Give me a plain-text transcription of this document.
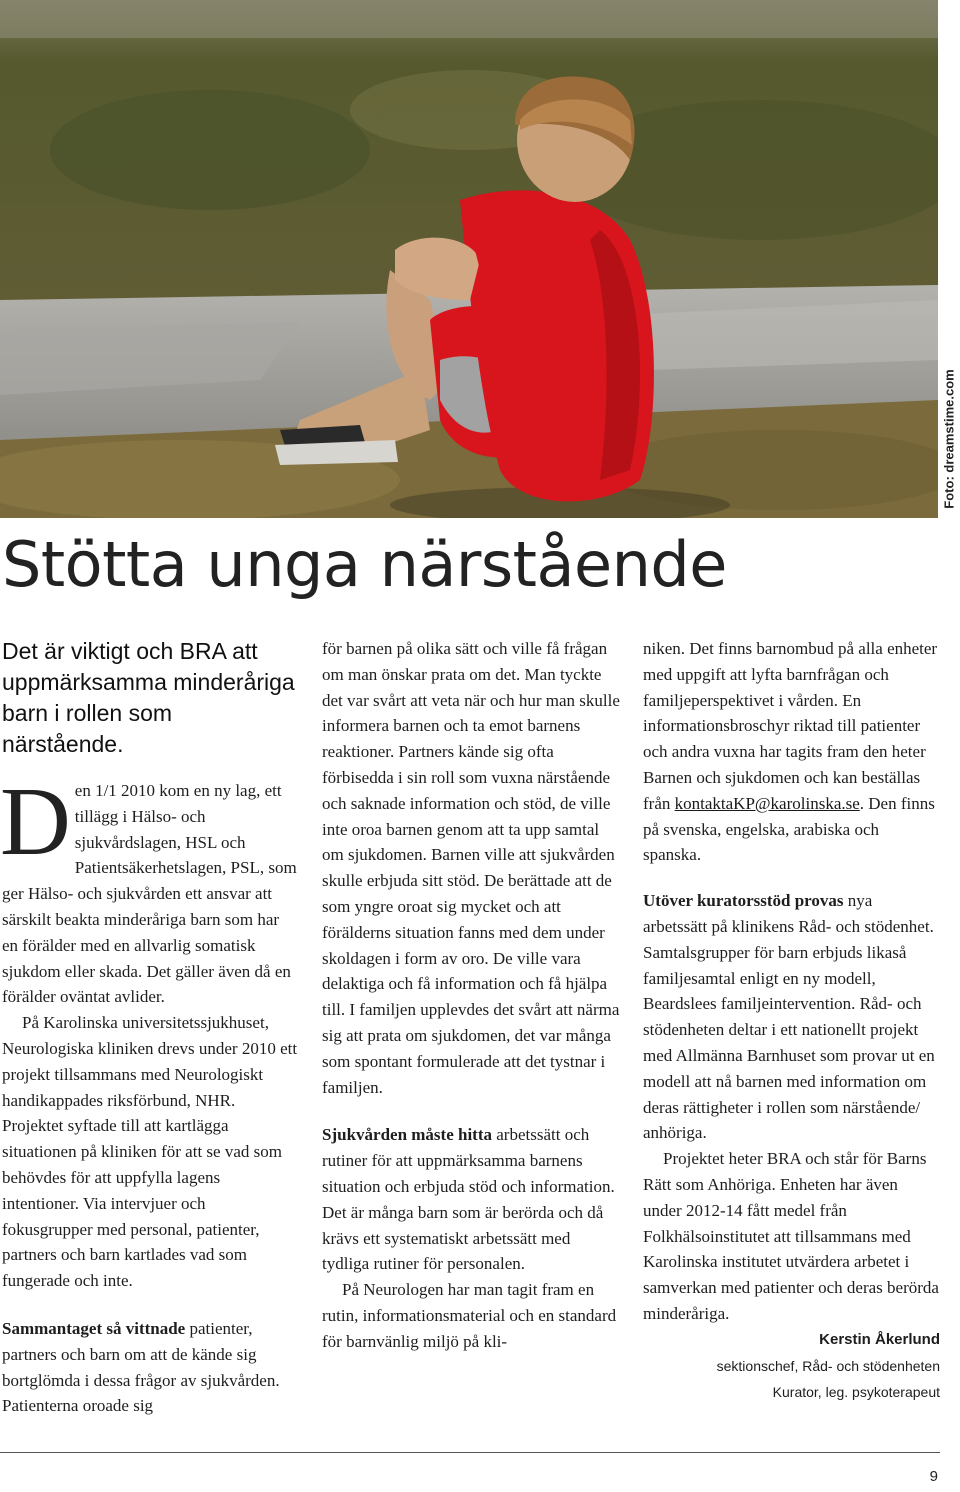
Foto: dreamstime.com
Stötta unga närstående

Det är viktigt och BRA att uppmärksamma minderåriga barn i rollen som närstående.

Den 1/1 2010 kom en ny lag, ett tillägg i Hälso- och sjukvårdslagen, HSL och Patientsäkerhetslagen, PSL, som ger Hälso- och sjukvården ett ansvar att särskilt beakta minderåriga barn som har en förälder med en allvarlig somatisk sjukdom eller skada. Det gäller även då en förälder oväntat avlider.

På Karolinska universitetssjukhuset, Neurologiska kliniken drevs under 2010 ett projekt tillsammans med Neurologiskt handikappades riksförbund, NHR. Projektet syftade till att kartlägga situationen på kliniken för att se vad som behövdes för att uppfylla lagens intentioner. Via intervjuer och fokusgrupper med personal, patienter, partners och barn kartlades vad som fungerade och inte.

Sammantaget så vittnade patienter, partners och barn om att de kände sig bortglömda i dessa frågor av sjukvården. Patienterna oroade sig

för barnen på olika sätt och ville få frågan om man önskar prata om det. Man tyckte det var svårt att veta när och hur man skulle informera barnen och ta emot barnens reaktioner. Partners kände sig ofta förbisedda i sin roll som vuxna närstående och saknade information och stöd, de ville inte oroa barnen genom att ta upp samtal om sjukdomen. Barnen ville att sjukvården skulle erbjuda sitt stöd. De berättade att de som yngre oroat sig mycket och att förälderns situation fanns med dem under skoldagen i form av oro. De ville vara delaktiga och få information och få hjälpa till. I familjen upplevdes det svårt att närma sig att prata om sjukdomen, det var många som spontant formulerade att det tystnar i familjen.

Sjukvården måste hitta arbetssätt och rutiner för att uppmärksamma barnens situation och erbjuda stöd och information. Det är många barn som är berörda och då krävs ett systematiskt arbetssätt med tydliga rutiner för personalen.

På Neurologen har man tagit fram en rutin, informationsmaterial och en standard för barnvänlig miljö på kli-

niken. Det finns barnombud på alla enheter med uppgift att lyfta barnfrågan och familjeperspektivet i vården. En informationsbroschyr riktad till patienter och andra vuxna har tagits fram den heter Barnen och sjukdomen och kan beställas från kontaktaKP@karolinska.se. Den finns på svenska, engelska, arabiska och spanska.

Utöver kuratorsstöd provas nya arbetssätt på klinikens Råd- och stödenhet. Samtalsgrupper för barn erbjuds likaså familjesamtal enligt en ny modell, Beardslees familjeintervention. Råd- och stödenheten deltar i ett nationellt projekt med Allmänna Barnhuset som provar ut en modell att nå barnen med information om deras rättigheter i rollen som närstående/ anhöriga.

Projektet heter BRA och står för Barns Rätt som Anhöriga. Enheten har även under 2012-14 fått medel från Folkhälsoinstitutet att tillsammans med Karolinska institutet utvärdera arbetet i samverkan med patienter och deras berörda minderåriga.

Kerstin Åkerlund
sektionschef, Råd- och stödenheten
Kurator, leg. psykoterapeut
9
